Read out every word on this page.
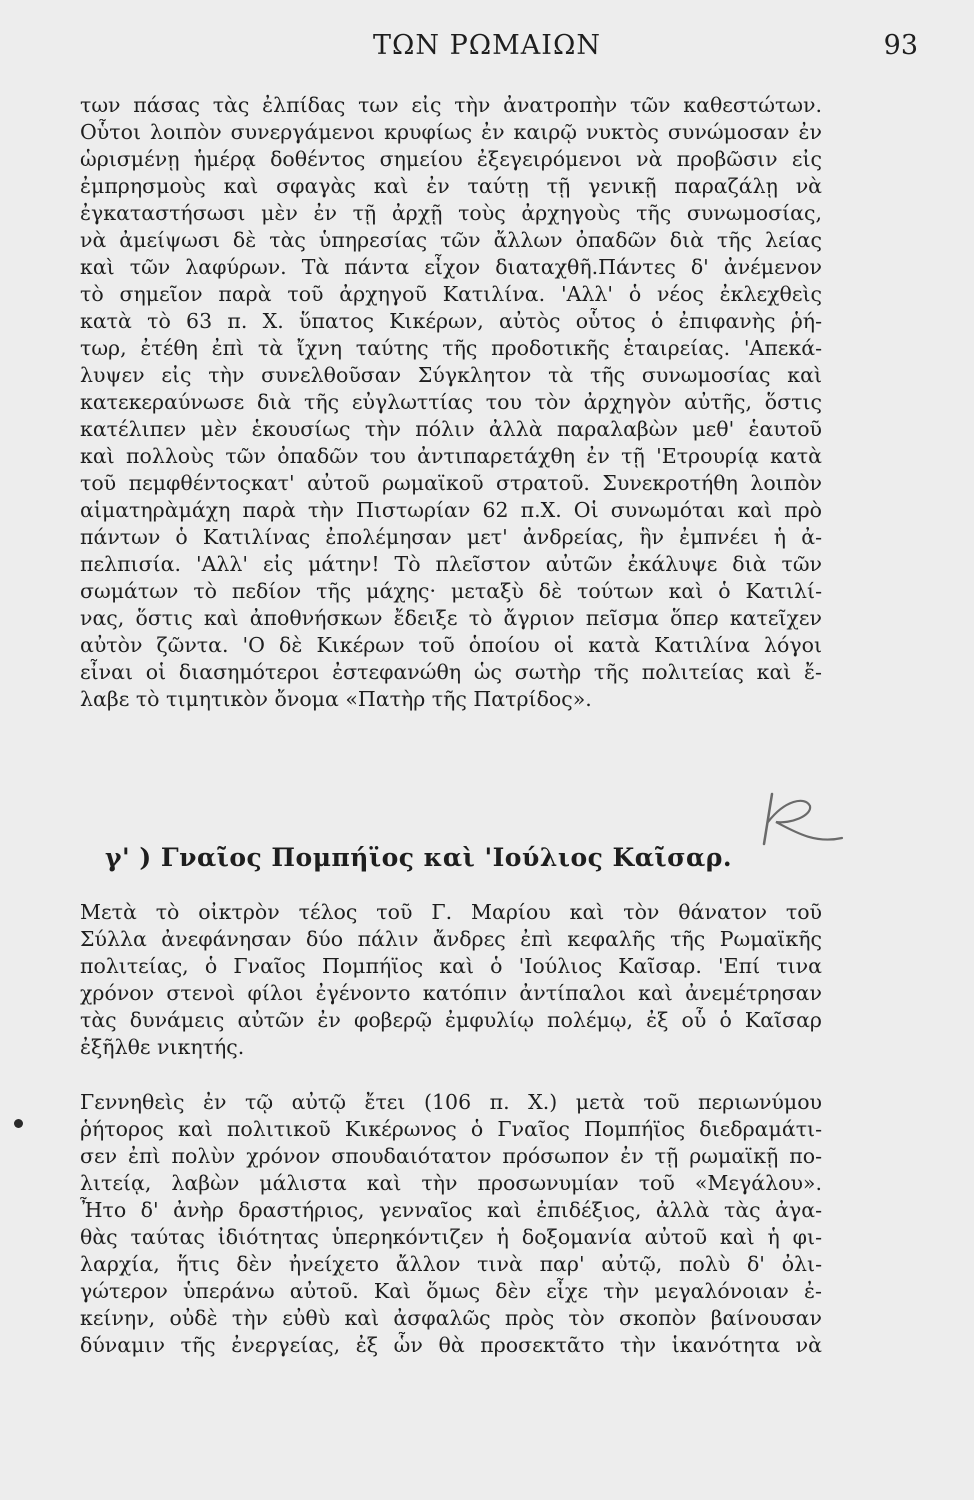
ΤΩΝ ΡΩΜΑΙΩΝ	93
των πάσας τὰς ἐλπίδας των εἰς τὴν ἀνατροπὴν τῶν καθεστώτων.
Οὗτοι λοιπὸν συνεργάμενοι κρυφίως ἐν καιρῷ νυκτὸς συνώμοσαν ἐν
ὡρισμένῃ ἡμέρᾳ δοθέντος σημείου ἐξεγειρόμενοι νὰ προβῶσιν εἰς
ἐμπρησμοὺς καὶ σφαγὰς καὶ ἐν ταύτῃ τῇ γενικῇ παραζάλῃ νὰ
ἐγκαταστήσωσι μὲν ἐν τῇ ἀρχῇ τοὺς ἀρχηγοὺς τῆς συνωμοσίας,
νὰ ἀμείψωσι δὲ τὰς ὑπηρεσίας τῶν ἄλλων ὀπαδῶν διὰ τῆς λείας
καὶ τῶν λαφύρων. Τὰ πάντα εἶχον διαταχθῆ.Πάντες δ' ἀνέμενον
τὸ σημεῖον παρὰ τοῦ ἀρχηγοῦ Κατιλίνα. 'Αλλ' ὁ νέος ἐκλεχθεὶς
κατὰ τὸ 63 π. Χ. ὕπατος Κικέρων, αὐτὸς οὗτος ὁ ἐπιφανὴς ῥή-
τωρ, ἐτέθη ἐπὶ τὰ ἴχνη ταύτης τῆς προδοτικῆς ἑταιρείας. 'Απεκά-
λυψεν εἰς τὴν συνελθοῦσαν Σύγκλητον τὰ τῆς συνωμοσίας καὶ
κατεκεραύνωσε διὰ τῆς εὐγλωττίας του τὸν ἀρχηγὸν αὐτῆς, ὅστις
κατέλιπεν μὲν ἑκουσίως τὴν πόλιν ἀλλὰ παραλαβὼν μεθ' ἑαυτοῦ
καὶ πολλοὺς τῶν ὀπαδῶν του ἀντιπαρετάχθη ἐν τῇ 'Ετρουρίᾳ κατὰ
τοῦ πεμφθέντοςκατ' αὐτοῦ ρωμαϊκοῦ στρατοῦ. Συνεκροτήθη λοιπὸν
αἱματηρὰμάχη παρὰ τὴν Πιστωρίαν 62 π.Χ. Οἱ συνωμόται καὶ πρὸ
πάντων ὁ Κατιλίνας ἐπολέμησαν μετ' ἀνδρείας, ἣν ἐμπνέει ἡ ἀ-
πελπισία. 'Αλλ' εἰς μάτην! Τὸ πλεῖστον αὐτῶν ἐκάλυψε διὰ τῶν
σωμάτων τὸ πεδίον τῆς μάχης· μεταξὺ δὲ τούτων καὶ ὁ Κατιλί-
νας, ὅστις καὶ ἀποθνήσκων ἔδειξε τὸ ἄγριον πεῖσμα ὅπερ κατεῖχεν
αὐτὸν ζῶντα. 'Ο δὲ Κικέρων τοῦ ὁποίου οἱ κατὰ Κατιλίνα λόγοι
εἶναι οἱ διασημότεροι ἐστεφανώθη ὡς σωτὴρ τῆς πολιτείας καὶ ἔ-
λαβε τὸ τιμητικὸν ὄνομα «Πατὴρ τῆς Πατρίδος».
γ' ) Γναῖος Πομπήϊος καὶ 'Ιούλιος Καῖσαρ.
Μετὰ τὸ οἰκτρὸν τέλος τοῦ Γ. Μαρίου καὶ τὸν θάνατον τοῦ
Σύλλα ἀνεφάνησαν δύο πάλιν ἄνδρες ἐπὶ κεφαλῆς τῆς Ρωμαϊκῆς
πολιτείας, ὁ Γναῖος Πομπήϊος καὶ ὁ 'Ιούλιος Καῖσαρ. 'Επί τινα
χρόνον στενοὶ φίλοι ἐγένοντο κατόπιν ἀντίπαλοι καὶ ἀνεμέτρησαν
τὰς δυνάμεις αὐτῶν ἐν φοβερῷ ἐμφυλίῳ πολέμῳ, ἐξ οὗ ὁ Καῖσαρ
ἐξῆλθε νικητής.
Γεννηθεὶς ἐν τῷ αὐτῷ ἔτει (106 π. Χ.) μετὰ τοῦ περιωνύμου
ῥήτορος καὶ πολιτικοῦ Κικέρωνος ὁ Γναῖος Πομπήϊος διεδραμάτι-
σεν ἐπὶ πολὺν χρόνον σπουδαιότατον πρόσωπον ἐν τῇ ρωμαϊκῇ πο-
λιτείᾳ, λαβὼν μάλιστα καὶ τὴν προσωνυμίαν τοῦ «Μεγάλου».
Ἦτο δ' ἀνὴρ δραστήριος, γενναῖος καὶ ἐπιδέξιος, ἀλλὰ τὰς ἀγα-
θὰς ταύτας ἰδιότητας ὑπερηκόντιζεν ἡ δοξομανία αὐτοῦ καὶ ἡ φι-
λαρχία, ἥτις δὲν ἠνείχετο ἄλλον τινὰ παρ' αὐτῷ, πολὺ δ' ὀλι-
γώτερον ὑπεράνω αὐτοῦ. Καὶ ὅμως δὲν εἶχε τὴν μεγαλόνοιαν ἐ-
κείνην, οὐδὲ τὴν εὐθὺ καὶ ἀσφαλῶς πρὸς τὸν σκοπὸν βαίνουσαν
δύναμιν τῆς ἐνεργείας, ἐξ ὧν θὰ προσεκτᾶτο τὴν ἱκανότητα νὰ
